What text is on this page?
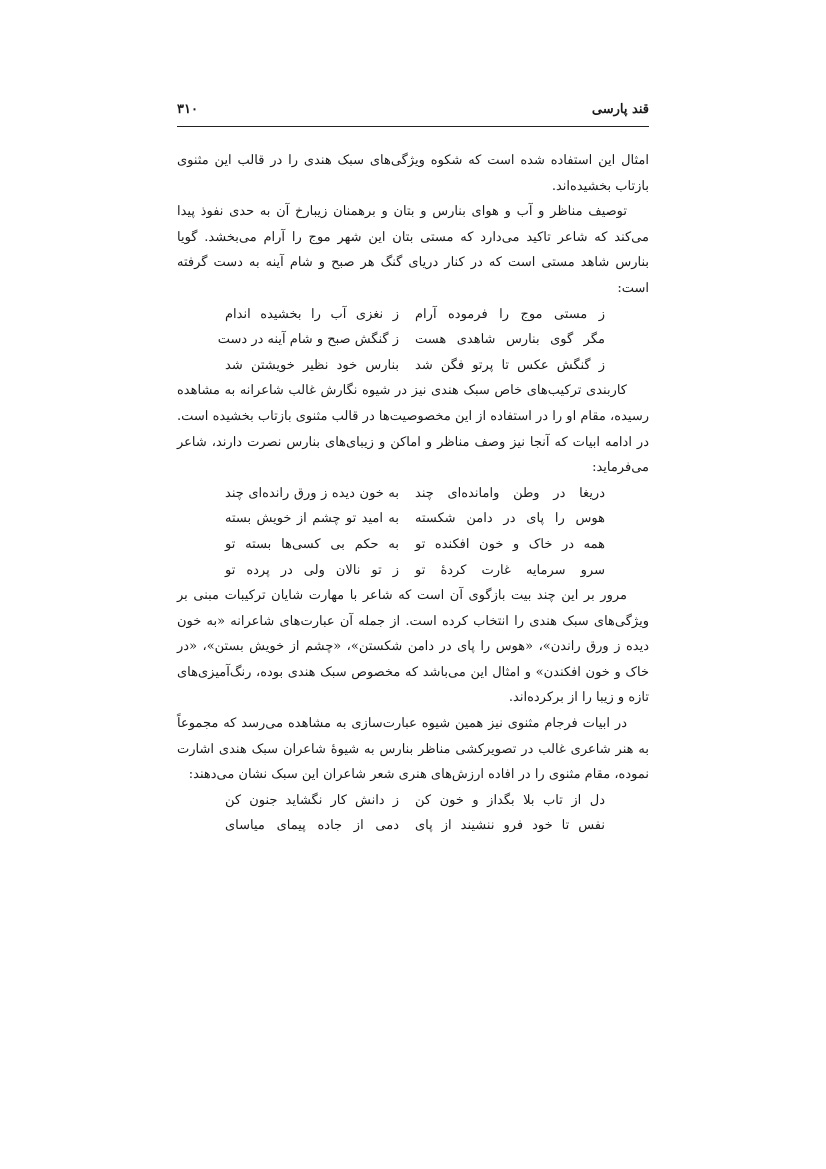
قند پارسی
۳۱۰

امثال این استفاده شده است که شکوه ویژگی‌های سبک هندی را در قالب این مثنوی بازتاب بخشیده‌اند.

توصیف مناظر و آب و هوای بنارس و بتان و برهمنان زیبارخ آن به حدی نفوذ پیدا می‌کند که شاعر تاکید می‌دارد که مستی بتان این شهر موج را آرام می‌بخشد. گویا بنارس شاهد مستی است که در کنار دریای گنگ هر صبح و شام آینه به دست گرفته است:

ز مستی موج را فرموده آرام
ز نغزی آب را بخشیده اندام
مگر گوی بنارس شاهدی هست
ز گنگش صبح و شام آینه در دست
ز گنگش عکس تا پرتو فگن شد
بنارس خود نظیر خویشتن شد

کاربندی ترکیب‌های خاص سبک هندی نیز در شیوه نگارش غالب شاعرانه به مشاهده رسیده، مقام او را در استفاده از این مخصوصیت‌ها در قالب مثنوی بازتاب بخشیده است. در ادامه ابیات که آنجا نیز وصف مناظر و اماکن و زیبای‌های بنارس نصرت دارند، شاعر می‌فرماید:

دریغا در وطن وامانده‌ای چند
به خون دیده ز ورق رانده‌ای چند
هوس را پای در دامن شکسته
به امید تو چشم از خویش بسته
همه در خاک و خون افکنده تو
به حکم بی کسی‌ها بسته تو
سرو سرمایه غارت کردهٔ تو
ز تو نالان ولی در پرده تو

مرور بر این چند بیت بازگوی آن است که شاعر با مهارت شایان ترکیبات مبنی بر ویژگی‌های سبک هندی را انتخاب کرده است. از جمله آن عبارت‌های شاعرانه «به خون دیده ز ورق راندن»، «هوس را پای در دامن شکستن»، «چشم از خویش بستن»، «در خاک و خون افکندن» و امثال این می‌باشد که مخصوص سبک هندی بوده، رنگ‌آمیزی‌های تازه و زیبا را از برکرده‌اند.

در ابیات فرجام مثنوی نیز همین شیوه عبارت‌سازی به مشاهده می‌رسد که مجموعاً به هنر شاعری غالب در تصویرکشی مناظر بنارس به شیوهٔ شاعران سبک هندی اشارت نموده، مقام مثنوی را در افاده ارزش‌های هنری شعر شاعران این سبک نشان می‌دهند:

دل از تاب بلا بگداز و خون کن
ز دانش کار نگشاید جنون کن
نفس تا خود فرو ننشیند از پای
دمی از جاده پیمای میاسای
